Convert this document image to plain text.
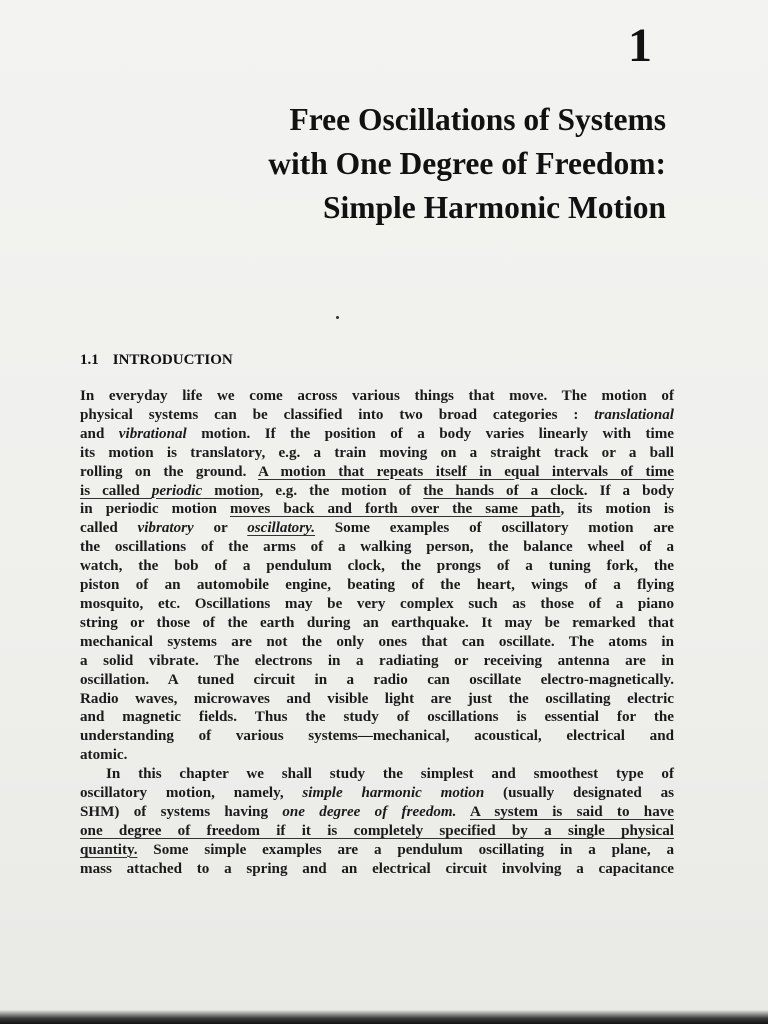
1
Free Oscillations of Systems
with One Degree of Freedom:
Simple Harmonic Motion
1.1 INTRODUCTION
In everyday life we come across various things that move. The motion of
physical systems can be classified into two broad categories : translational
and vibrational motion. If the position of a body varies linearly with time
its motion is translatory, e.g. a train moving on a straight track or a ball
rolling on the ground. A motion that repeats itself in equal intervals of time
is called periodic motion, e.g. the motion of the hands of a clock. If a body
in periodic motion moves back and forth over the same path, its motion is
called vibratory or oscillatory. Some examples of oscillatory motion are
the oscillations of the arms of a walking person, the balance wheel of a
watch, the bob of a pendulum clock, the prongs of a tuning fork, the
piston of an automobile engine, beating of the heart, wings of a flying
mosquito, etc. Oscillations may be very complex such as those of a piano
string or those of the earth during an earthquake. It may be remarked that
mechanical systems are not the only ones that can oscillate. The atoms in
a solid vibrate. The electrons in a radiating or receiving antenna are in
oscillation. A tuned circuit in a radio can oscillate electro-magnetically.
Radio waves, microwaves and visible light are just the oscillating electric
and magnetic fields. Thus the study of oscillations is essential for the
understanding of various systems—mechanical, acoustical, electrical and
atomic.
In this chapter we shall study the simplest and smoothest type of
oscillatory motion, namely, simple harmonic motion (usually designated as
SHM) of systems having one degree of freedom. A system is said to have
one degree of freedom if it is completely specified by a single physical
quantity. Some simple examples are a pendulum oscillating in a plane, a
mass attached to a spring and an electrical circuit involving a capacitance
